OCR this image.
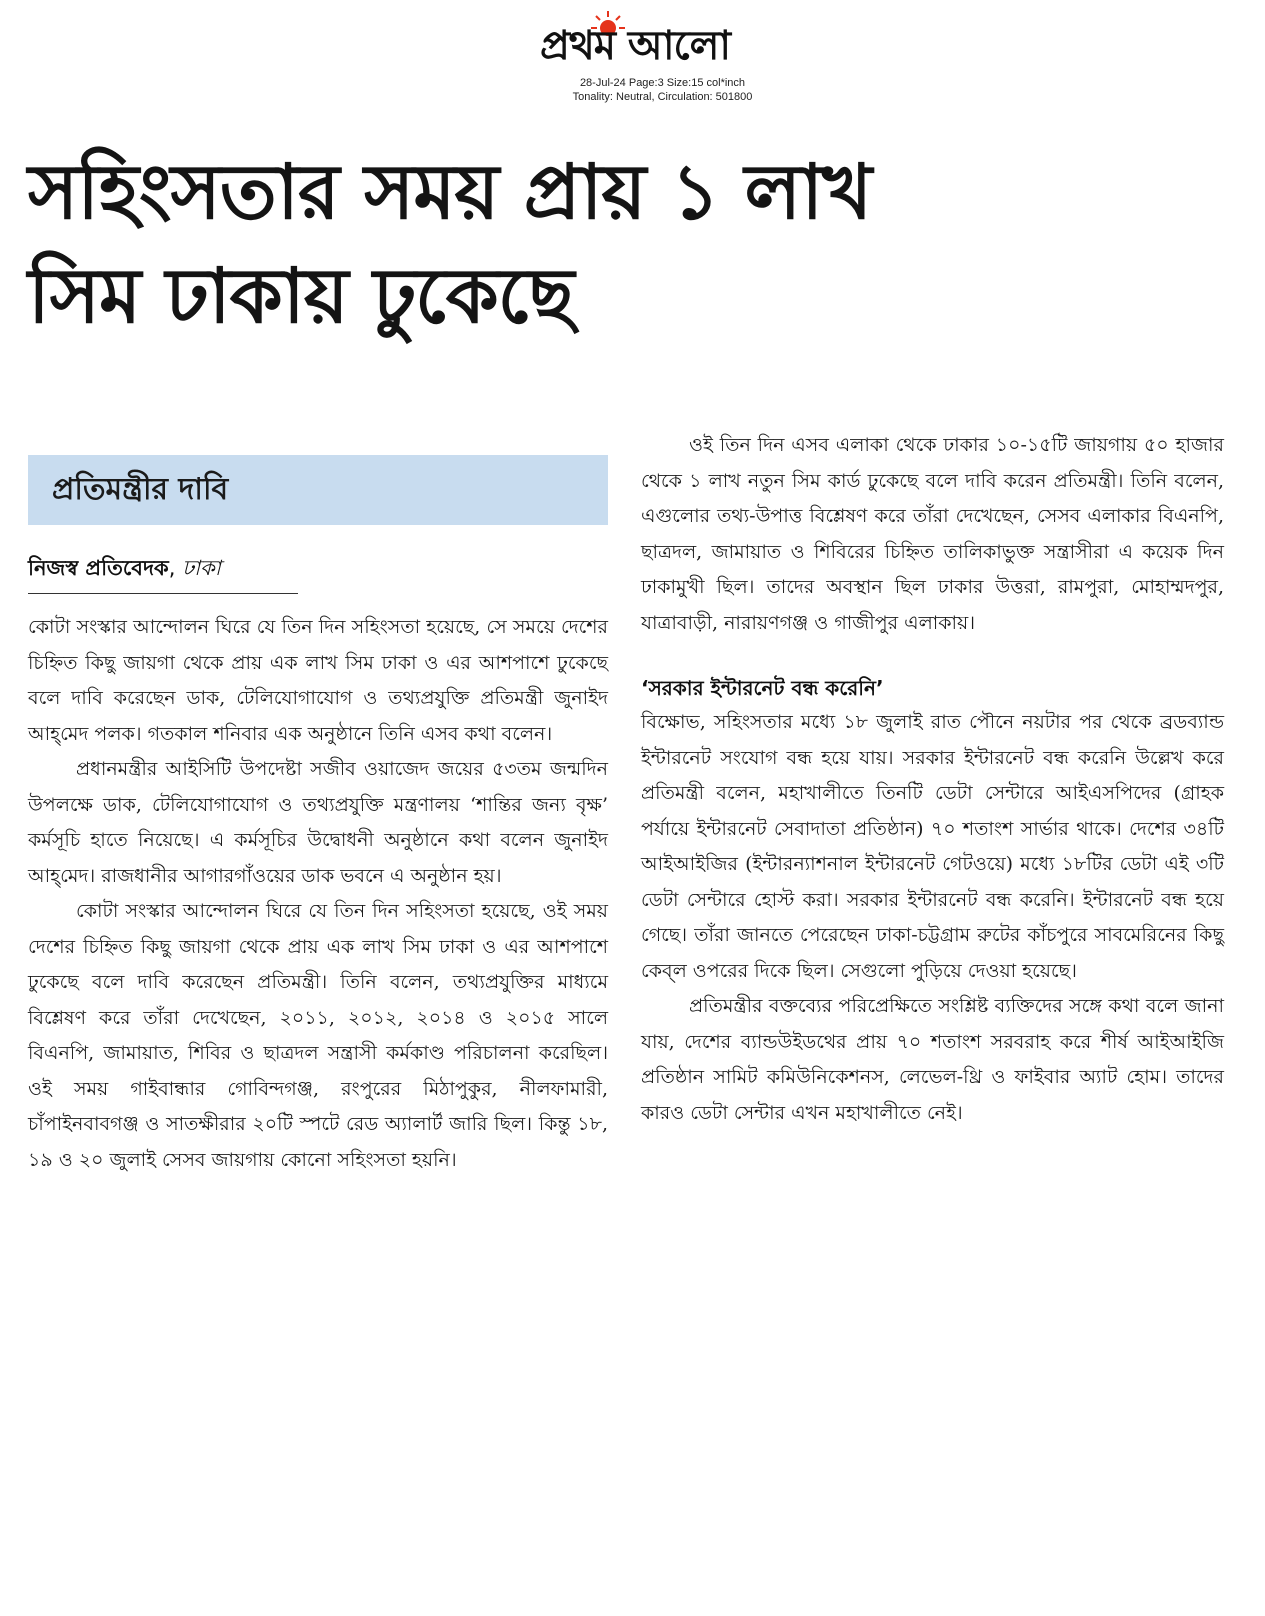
প্রথম আলো
28-Jul-24 Page:3 Size:15 col*inch
Tonality: Neutral, Circulation: 501800
সহিংসতার সময় প্রায় ১ লাখ
সিম ঢাকায় ঢুকেছে
প্রতিমন্ত্রীর দাবি
নিজস্ব প্রতিবেদক, ঢাকা

কোটা সংস্কার আন্দোলন ঘিরে যে তিন দিন সহিংসতা হয়েছে, সে সময়ে দেশের চিহ্নিত কিছু জায়গা থেকে প্রায় এক লাখ সিম ঢাকা ও এর আশপাশে ঢুকেছে বলে দাবি করেছেন ডাক, টেলিযোগাযোগ ও তথ্যপ্রযুক্তি প্রতিমন্ত্রী জুনাইদ আহ্‌মেদ পলক। গতকাল শনিবার এক অনুষ্ঠানে তিনি এসব কথা বলেন।

প্রধানমন্ত্রীর আইসিটি উপদেষ্টা সজীব ওয়াজেদ জয়ের ৫৩তম জন্মদিন উপলক্ষে ডাক, টেলিযোগাযোগ ও তথ্যপ্রযুক্তি মন্ত্রণালয় ‘শান্তির জন্য বৃক্ষ’ কর্মসূচি হাতে নিয়েছে। এ কর্মসূচির উদ্বোধনী অনুষ্ঠানে কথা বলেন জুনাইদ আহ্‌মেদ। রাজধানীর আগারগাঁওয়ের ডাক ভবনে এ অনুষ্ঠান হয়।

কোটা সংস্কার আন্দোলন ঘিরে যে তিন দিন সহিংসতা হয়েছে, ওই সময় দেশের চিহ্নিত কিছু জায়গা থেকে প্রায় এক লাখ সিম ঢাকা ও এর আশপাশে ঢুকেছে বলে দাবি করেছেন প্রতিমন্ত্রী। তিনি বলেন, তথ্যপ্রযুক্তির মাধ্যমে বিশ্লেষণ করে তাঁরা দেখেছেন, ২০১১, ২০১২, ২০১৪ ও ২০১৫ সালে বিএনপি, জামায়াত, শিবির ও ছাত্রদল সন্ত্রাসী কর্মকাণ্ড পরিচালনা করেছিল। ওই সময় গাইবান্ধার গোবিন্দগঞ্জ, রংপুরের মিঠাপুকুর, নীলফামারী, চাঁপাইনবাবগঞ্জ ও সাতক্ষীরার ২০টি স্পটে রেড অ্যালার্ট জারি ছিল। কিন্তু ১৮, ১৯ ও ২০ জুলাই সেসব জায়গায় কোনো সহিংসতা হয়নি।

ওই তিন দিন এসব এলাকা থেকে ঢাকার ১০-১৫টি জায়গায় ৫০ হাজার থেকে ১ লাখ নতুন সিম কার্ড ঢুকেছে বলে দাবি করেন প্রতিমন্ত্রী। তিনি বলেন, এগুলোর তথ্য-উপাত্ত বিশ্লেষণ করে তাঁরা দেখেছেন, সেসব এলাকার বিএনপি, ছাত্রদল, জামায়াত ও শিবিরের চিহ্নিত তালিকাভুক্ত সন্ত্রাসীরা এ কয়েক দিন ঢাকামুখী ছিল। তাদের অবস্থান ছিল ঢাকার উত্তরা, রামপুরা, মোহাম্মদপুর, যাত্রাবাড়ী, নারায়ণগঞ্জ ও গাজীপুর এলাকায়।

‘সরকার ইন্টারনেট বন্ধ করেনি’

বিক্ষোভ, সহিংসতার মধ্যে ১৮ জুলাই রাত পৌনে নয়টার পর থেকে ব্রডব্যান্ড ইন্টারনেট সংযোগ বন্ধ হয়ে যায়। সরকার ইন্টারনেট বন্ধ করেনি উল্লেখ করে প্রতিমন্ত্রী বলেন, মহাখালীতে তিনটি ডেটা সেন্টারে আইএসপিদের (গ্রাহক পর্যায়ে ইন্টারনেট সেবাদাতা প্রতিষ্ঠান) ৭০ শতাংশ সার্ভার থাকে। দেশের ৩৪টি আইআইজির (ইন্টারন্যাশনাল ইন্টারনেট গেটওয়ে) মধ্যে ১৮টির ডেটা এই ৩টি ডেটা সেন্টারে হোস্ট করা। সরকার ইন্টারনেট বন্ধ করেনি। ইন্টারনেট বন্ধ হয়ে গেছে। তাঁরা জানতে পেরেছেন ঢাকা-চট্টগ্রাম রুটের কাঁচপুরে সাবমেরিনের কিছু কেব্‌ল ওপরের দিকে ছিল। সেগুলো পুড়িয়ে দেওয়া হয়েছে।

প্রতিমন্ত্রীর বক্তব্যের পরিপ্রেক্ষিতে সংশ্লিষ্ট ব্যক্তিদের সঙ্গে কথা বলে জানা যায়, দেশের ব্যান্ডউইডথের প্রায় ৭০ শতাংশ সরবরাহ করে শীর্ষ আইআইজি প্রতিষ্ঠান সামিট কমিউনিকেশনস, লেভেল-থ্রি ও ফাইবার অ্যাট হোম। তাদের কারও ডেটা সেন্টার এখন মহাখালীতে নেই।
